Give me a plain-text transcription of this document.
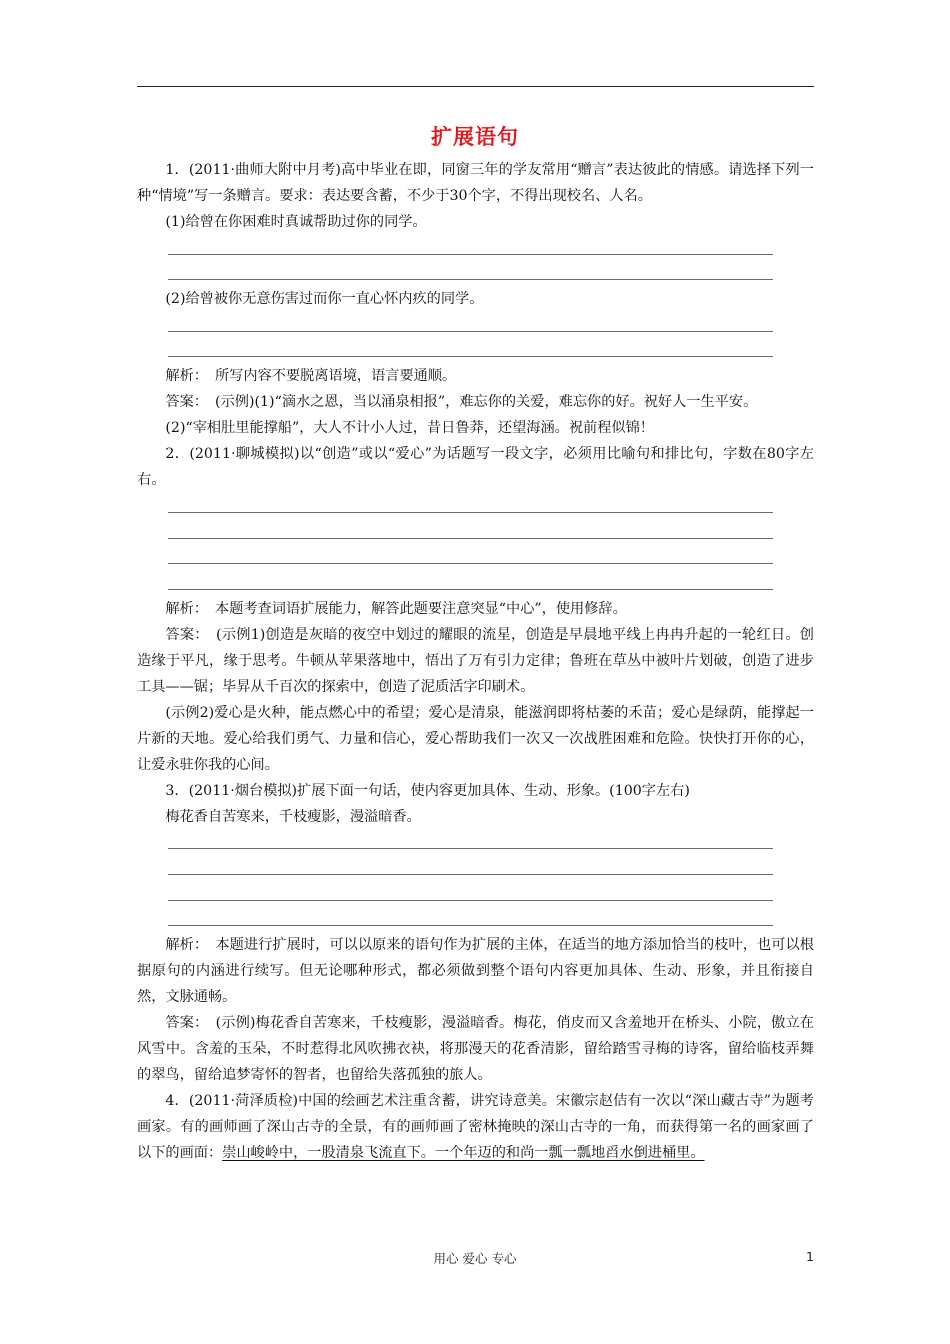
扩展语句

1．(2011·曲师大附中月考)高中毕业在即，同窗三年的学友常用“赠言”表达彼此的情感。请选择下列一种“情境”写一条赠言。要求：表达要含蓄，不少于30个字，不得出现校名、人名。

(1)给曾在你困难时真诚帮助过你的同学。

(2)给曾被你无意伤害过而你一直心怀内疚的同学。

解析：　所写内容不要脱离语境，语言要通顺。

答案：　(示例)(1)“滴水之恩，当以涌泉相报”，难忘你的关爱，难忘你的好。祝好人一生平安。

(2)“宰相肚里能撑船”，大人不计小人过，昔日鲁莽，还望海涵。祝前程似锦！

2．(2011·聊城模拟)以“创造”或以“爱心”为话题写一段文字，必须用比喻句和排比句，字数在80字左右。

解析：　本题考查词语扩展能力，解答此题要注意突显“中心”，使用修辞。

答案：　(示例1)创造是灰暗的夜空中划过的耀眼的流星，创造是早晨地平线上冉冉升起的一轮红日。创造缘于平凡，缘于思考。牛顿从苹果落地中，悟出了万有引力定律；鲁班在草丛中被叶片划破，创造了进步工具——锯；毕昇从千百次的探索中，创造了泥质活字印刷术。

(示例2)爱心是火种，能点燃心中的希望；爱心是清泉，能滋润即将枯萎的禾苗；爱心是绿荫，能撑起一片新的天地。爱心给我们勇气、力量和信心，爱心帮助我们一次又一次战胜困难和危险。快快打开你的心，让爱永驻你我的心间。

3．(2011·烟台模拟)扩展下面一句话，使内容更加具体、生动、形象。(100字左右)

梅花香自苦寒来，千枝瘦影，漫溢暗香。

解析：　本题进行扩展时，可以以原来的语句作为扩展的主体，在适当的地方添加恰当的枝叶，也可以根据原句的内涵进行续写。但无论哪种形式，都必须做到整个语句内容更加具体、生动、形象，并且衔接自然，文脉通畅。

答案：　(示例)梅花香自苦寒来，千枝瘦影，漫溢暗香。梅花，俏皮而又含羞地开在桥头、小院，傲立在风雪中。含羞的玉朵，不时惹得北风吹拂衣袂，将那漫天的花香清影，留给踏雪寻梅的诗客，留给临枝弄舞的翠鸟，留给追梦寄怀的智者，也留给失落孤独的旅人。

4．(2011·菏泽质检)中国的绘画艺术注重含蓄，讲究诗意美。宋徽宗赵佶有一次以“深山藏古寺”为题考画家。有的画师画了深山古寺的全景，有的画师画了密林掩映的深山古寺的一角，而获得第一名的画家画了以下的画面：崇山峻岭中，一股清泉飞流直下。一个年迈的和尚一瓢一瓢地舀水倒进桶里。

用心 爱心 专心	1
